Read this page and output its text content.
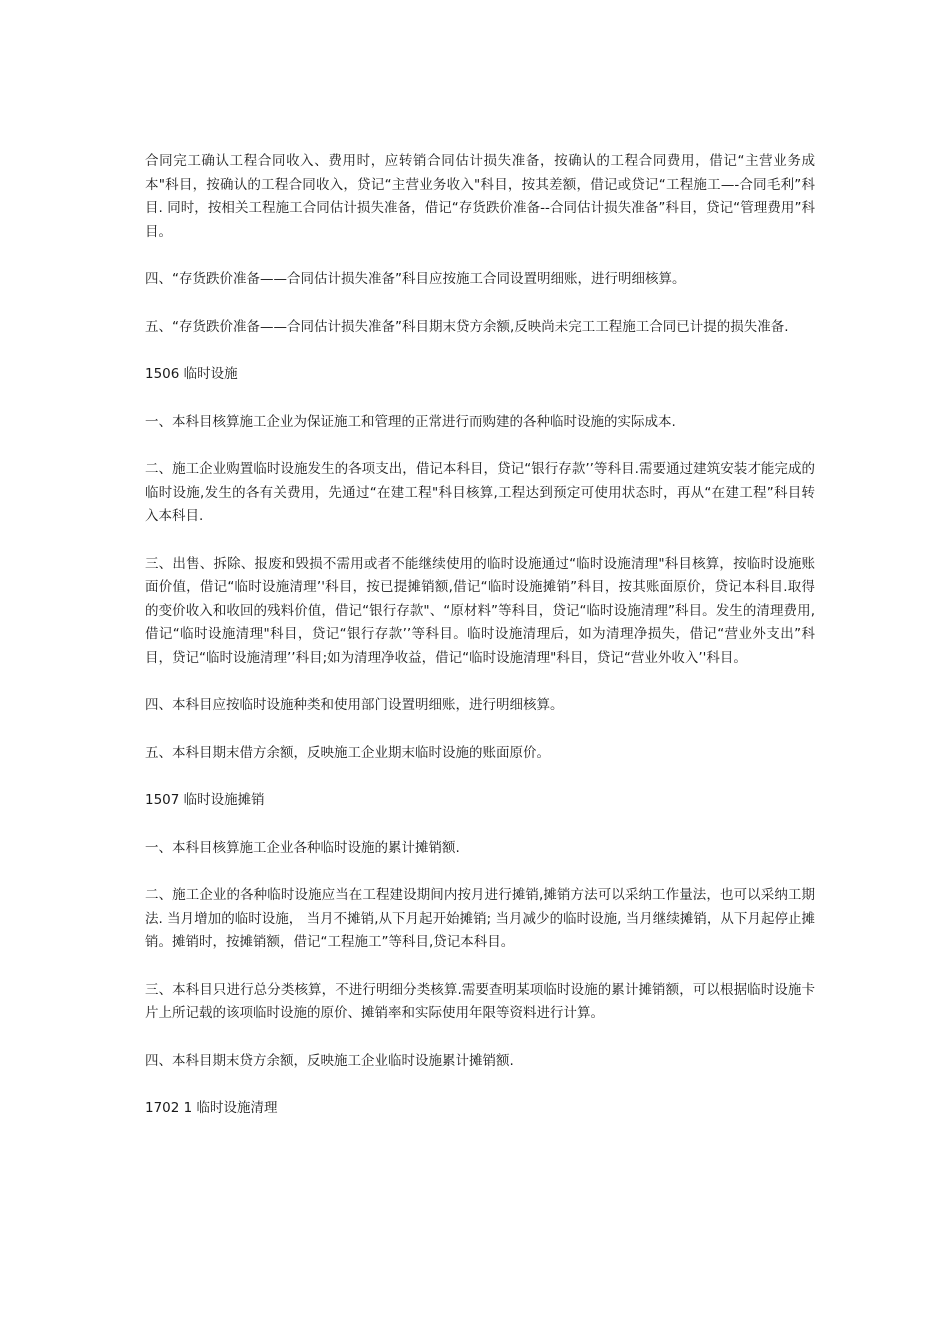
合同完工确认工程合同收入、费用时，应转销合同估计损失准备，按确认的工程合同费用，借记“主营业务成本"科目，按确认的工程合同收入，贷记“主营业务收入"科目，按其差额，借记或贷记“工程施工—-合同毛利”科目. 同时，按相关工程施工合同估计损失准备，借记“存货跌价准备--合同估计损失准备”科目，贷记“管理费用”科目。

四、“存货跌价准备——合同估计损失准备”科目应按施工合同设置明细账，进行明细核算。

五、“存货跌价准备——合同估计损失准备”科目期末贷方余额,反映尚未完工工程施工合同已计提的损失准备.

1506 临时设施

一、本科目核算施工企业为保证施工和管理的正常进行而购建的各种临时设施的实际成本.

二、施工企业购置临时设施发生的各项支出，借记本科目，贷记“银行存款’’等科目.需要通过建筑安装才能完成的临时设施,发生的各有关费用，先通过“在建工程"科目核算,工程达到预定可使用状态时，再从“在建工程”科目转入本科目.

三、出售、拆除、报废和毁损不需用或者不能继续使用的临时设施通过“临时设施清理"科目核算，按临时设施账面价值，借记“临时设施清理’'科目，按已提摊销额,借记“临时设施摊销”科目，按其账面原价，贷记本科目.取得的变价收入和收回的残料价值，借记“银行存款"、“原材料”等科目，贷记“临时设施清理”科目。发生的清理费用,借记“临时设施清理"科目，贷记“银行存款’’等科目。临时设施清理后，如为清理净损失，借记“营业外支出”科目，贷记“临时设施清理’’科目;如为清理净收益，借记“临时设施清理"科目，贷记“营业外收入’'科目。

四、本科目应按临时设施种类和使用部门设置明细账，进行明细核算。

五、本科目期末借方余额，反映施工企业期末临时设施的账面原价。

1507 临时设施摊销

一、本科目核算施工企业各种临时设施的累计摊销额.

二、施工企业的各种临时设施应当在工程建设期间内按月进行摊销,摊销方法可以采纳工作量法，也可以采纳工期法. 当月增加的临时设施， 当月不摊销,从下月起开始摊销; 当月减少的临时设施, 当月继续摊销，从下月起停止摊销。摊销时，按摊销额，借记“工程施工”等科目,贷记本科目。

三、本科目只进行总分类核算，不进行明细分类核算.需要查明某项临时设施的累计摊销额，可以根据临时设施卡片上所记载的该项临时设施的原价、摊销率和实际使用年限等资料进行计算。

四、本科目期末贷方余额，反映施工企业临时设施累计摊销额.

1702 1 临时设施清理
